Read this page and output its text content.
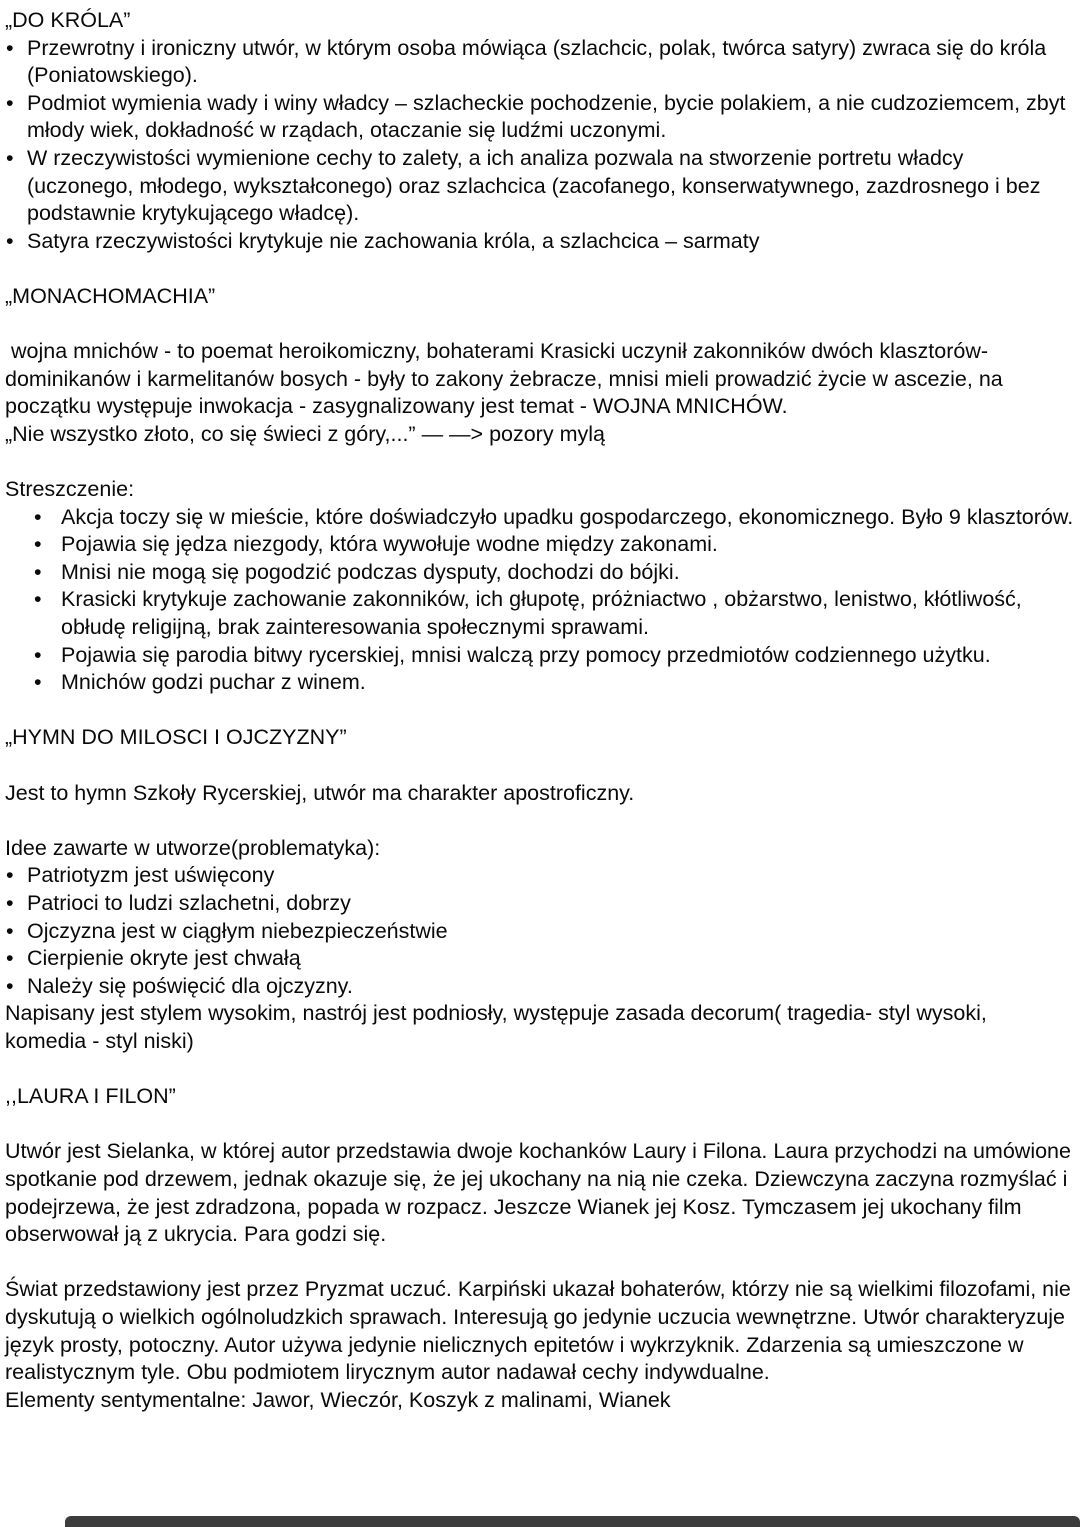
„DO KRÓLA”
• Przewrotny i ironiczny utwór, w którym osoba mówiąca (szlachcic, polak, twórca satyry) zwraca się do króla (Poniatowskiego).
• Podmiot wymienia wady i winy władcy – szlacheckie pochodzenie, bycie polakiem, a nie cudzoziemcem, zbyt młody wiek, dokładność w rządach, otaczanie się ludźmi uczonymi.
• W rzeczywistości wymienione cechy to zalety, a ich analiza pozwala na stworzenie portretu władcy (uczonego, młodego, wykształconego) oraz szlachcica (zacofanego, konserwatywnego, zazdrosnego i bez podstawnie krytykującego władcę).
• Satyra rzeczywistości krytykuje nie zachowania króla, a szlachcica – sarmaty
„MONACHOMACHIA”
wojna mnichów - to poemat heroikomiczny, bohaterami Krasicki uczynił zakonników dwóch klasztorów- dominikanów i karmelitanów bosych - były to zakony żebracze, mnisi mieli prowadzić życie w ascezie, na początku występuje inwokacja - zasygnalizowany jest temat - WOJNA MNICHÓW.
„Nie wszystko złoto, co się świeci z góry,...” — —> pozory mylą
Streszczenie:
• Akcja toczy się w mieście, które doświadczyło upadku gospodarczego, ekonomicznego. Było 9 klasztorów.
• Pojawia się jędza niezgody, która wywołuje wodne między zakonami.
• Mnisi nie mogą się pogodzić podczas dysputy, dochodzi do bójki.
• Krasicki krytykuje zachowanie zakonników, ich głupotę, próżniactwo , obżarstwo, lenistwo, kłótliwość, obłudę religijną, brak zainteresowania społecznymi sprawami.
• Pojawia się parodia bitwy rycerskiej, mnisi walczą przy pomocy przedmiotów codziennego użytku.
• Mnichów godzi puchar z winem.
„HYMN DO MILOSCI I OJCZYZNY”
Jest to hymn Szkoły Rycerskiej, utwór ma charakter apostroficzny.
Idee zawarte w utworze(problematyka):
• Patriotyzm jest uświęcony
• Patrioci to ludzi szlachetni, dobrzy
• Ojczyzna jest w ciągłym niebezpieczeństwie
• Cierpienie okryte jest chwałą
• Należy się poświęcić dla ojczyzny.
Napisany jest stylem wysokim, nastrój jest podniosły, występuje zasada decorum( tragedia- styl wysoki, komedia - styl niski)
,,LAURA I FILON”
Utwór jest Sielanka, w której autor przedstawia dwoje kochanków Laury i Filona. Laura przychodzi na umówione spotkanie pod drzewem, jednak okazuje się, że jej ukochany na nią nie czeka. Dziewczyna zaczyna rozmyślać i podejrzewa, że jest zdradzona, popada w rozpacz. Jeszcze Wianek jej Kosz. Tymczasem jej ukochany film obserwował ją z ukrycia. Para godzi się.
Świat przedstawiony jest przez Pryzmat uczuć. Karpiński ukazał bohaterów, którzy nie są wielkimi filozofami, nie dyskutują o wielkich ogólnoludzkich sprawach. Interesują go jedynie uczucia wewnętrzne. Utwór charakteryzuje język prosty, potoczny. Autor używa jedynie nielicznych epitetów i wykrzyknik. Zdarzenia są umieszczone w realistycznym tyle. Obu podmiotem lirycznym autor nadawał cechy indywdualne.
Elementy sentymentalne: Jawor, Wieczór, Koszyk z malinami, Wianek
